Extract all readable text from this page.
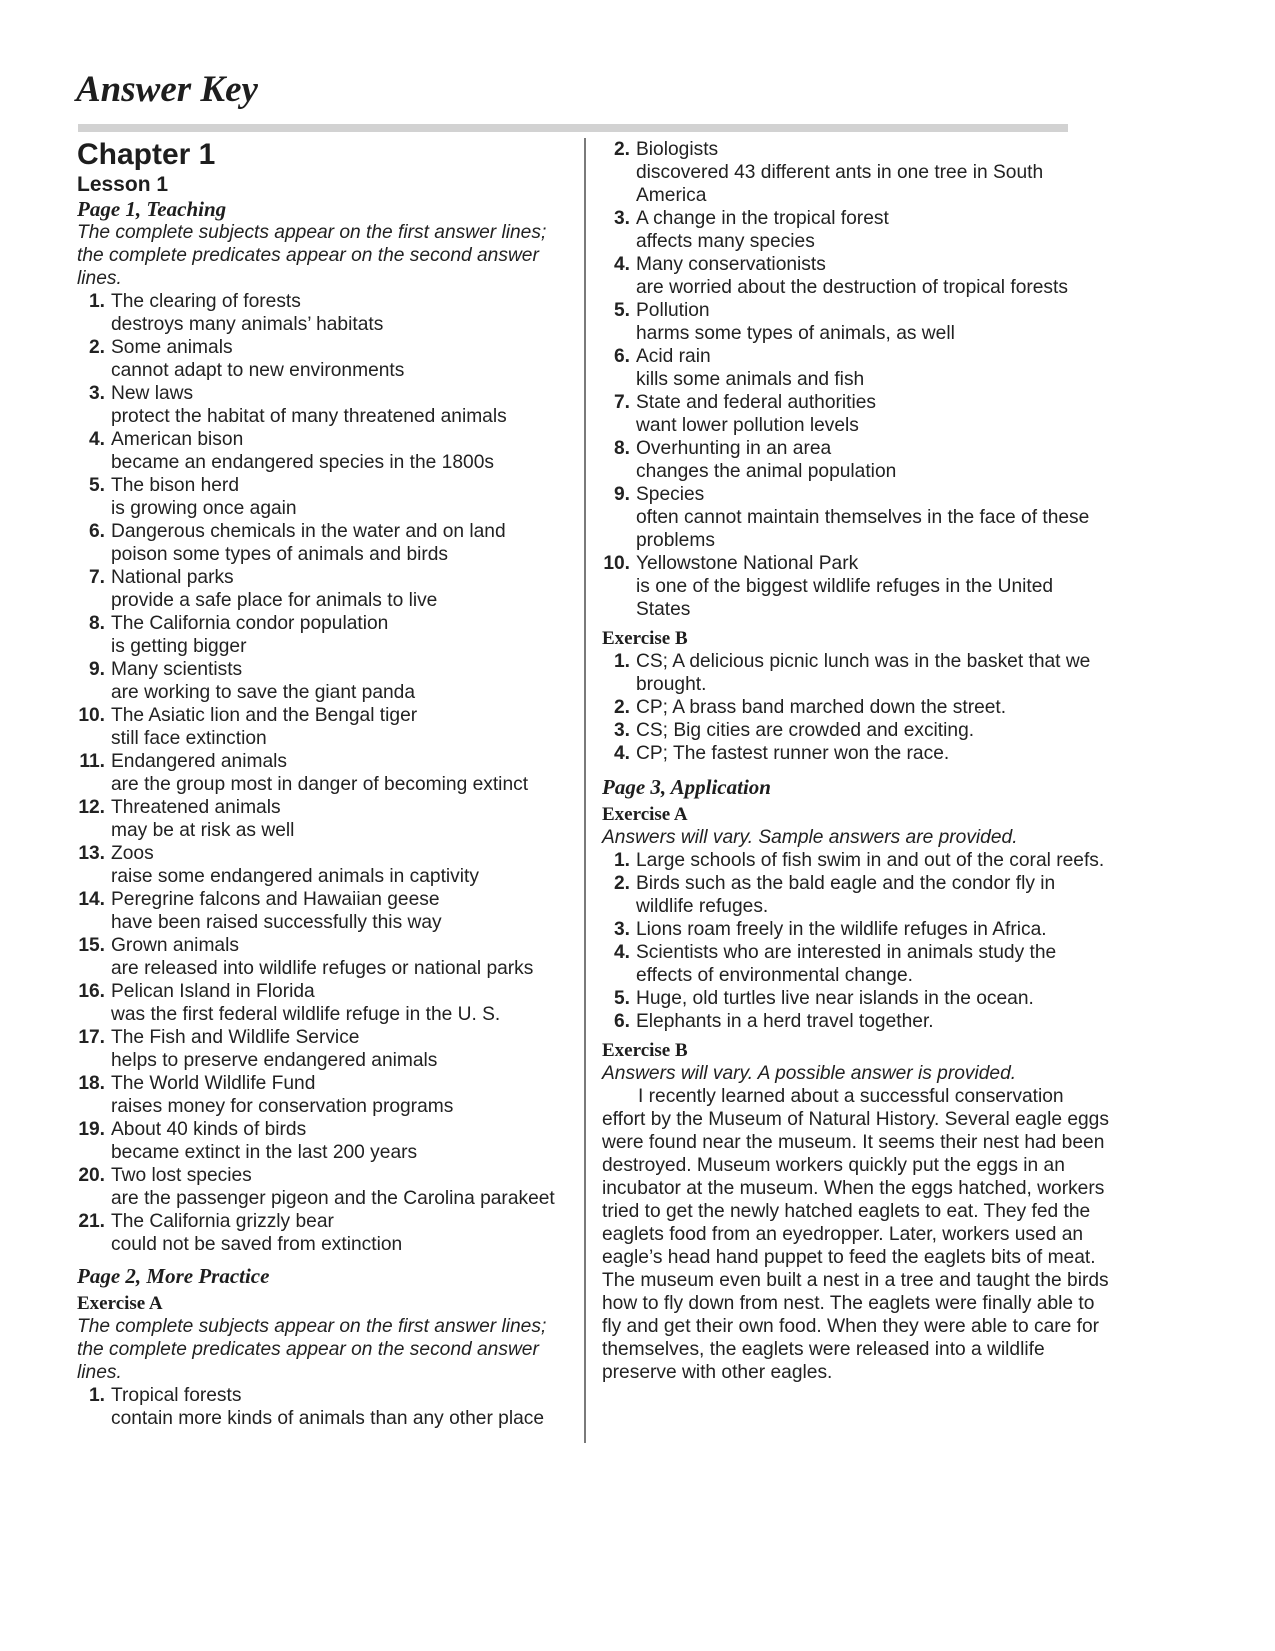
Answer Key
Chapter 1
Lesson 1
Page 1, Teaching
The complete subjects appear on the first answer lines; the complete predicates appear on the second answer lines.
1. The clearing of forests
destroys many animals’ habitats
2. Some animals
cannot adapt to new environments
3. New laws
protect the habitat of many threatened animals
4. American bison
became an endangered species in the 1800s
5. The bison herd
is growing once again
6. Dangerous chemicals in the water and on land
poison some types of animals and birds
7. National parks
provide a safe place for animals to live
8. The California condor population
is getting bigger
9. Many scientists
are working to save the giant panda
10. The Asiatic lion and the Bengal tiger
still face extinction
11. Endangered animals
are the group most in danger of becoming extinct
12. Threatened animals
may be at risk as well
13. Zoos
raise some endangered animals in captivity
14. Peregrine falcons and Hawaiian geese
have been raised successfully this way
15. Grown animals
are released into wildlife refuges or national parks
16. Pelican Island in Florida
was the first federal wildlife refuge in the U. S.
17. The Fish and Wildlife Service
helps to preserve endangered animals
18. The World Wildlife Fund
raises money for conservation programs
19. About 40 kinds of birds
became extinct in the last 200 years
20. Two lost species
are the passenger pigeon and the Carolina parakeet
21. The California grizzly bear
could not be saved from extinction
Page 2, More Practice
Exercise A
The complete subjects appear on the first answer lines; the complete predicates appear on the second answer lines.
1. Tropical forests
contain more kinds of animals than any other place
2. Biologists
discovered 43 different ants in one tree in South America
3. A change in the tropical forest
affects many species
4. Many conservationists
are worried about the destruction of tropical forests
5. Pollution
harms some types of animals, as well
6. Acid rain
kills some animals and fish
7. State and federal authorities
want lower pollution levels
8. Overhunting in an area
changes the animal population
9. Species
often cannot maintain themselves in the face of these problems
10. Yellowstone National Park
is one of the biggest wildlife refuges in the United States
Exercise B
1. CS; A delicious picnic lunch was in the basket that we brought.
2. CP; A brass band marched down the street.
3. CS; Big cities are crowded and exciting.
4. CP; The fastest runner won the race.
Page 3, Application
Exercise A
Answers will vary. Sample answers are provided.
1. Large schools of fish swim in and out of the coral reefs.
2. Birds such as the bald eagle and the condor fly in wildlife refuges.
3. Lions roam freely in the wildlife refuges in Africa.
4. Scientists who are interested in animals study the effects of environmental change.
5. Huge, old turtles live near islands in the ocean.
6. Elephants in a herd travel together.
Exercise B
Answers will vary. A possible answer is provided.
I recently learned about a successful conservation effort by the Museum of Natural History. Several eagle eggs were found near the museum. It seems their nest had been destroyed. Museum workers quickly put the eggs in an incubator at the museum. When the eggs hatched, workers tried to get the newly hatched eaglets to eat. They fed the eaglets food from an eyedropper. Later, workers used an eagle’s head hand puppet to feed the eaglets bits of meat. The museum even built a nest in a tree and taught the birds how to fly down from nest. The eaglets were finally able to fly and get their own food. When they were able to care for themselves, the eaglets were released into a wildlife preserve with other eagles.
